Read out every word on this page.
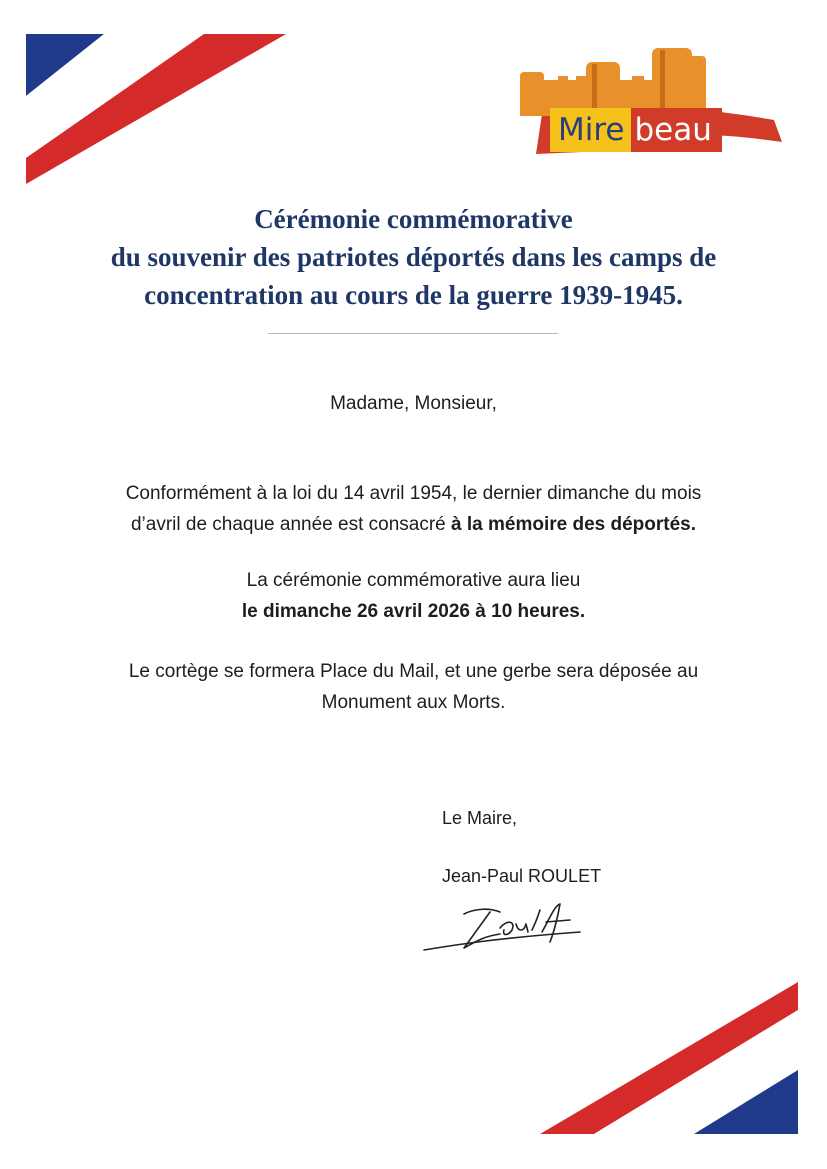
Mire beau
Cérémonie commémorative
du souvenir des patriotes déportés dans les camps de
concentration au cours de la guerre 1939-1945.

Madame, Monsieur,

Conformément à la loi du 14 avril 1954, le dernier dimanche du mois
d’avril de chaque année est consacré à la mémoire des déportés.

La cérémonie commémorative aura lieu
le dimanche 26 avril 2026 à 10 heures.

Le cortège se formera Place du Mail, et une gerbe sera déposée au
Monument aux Morts.

Le Maire,
Jean-Paul ROULET
